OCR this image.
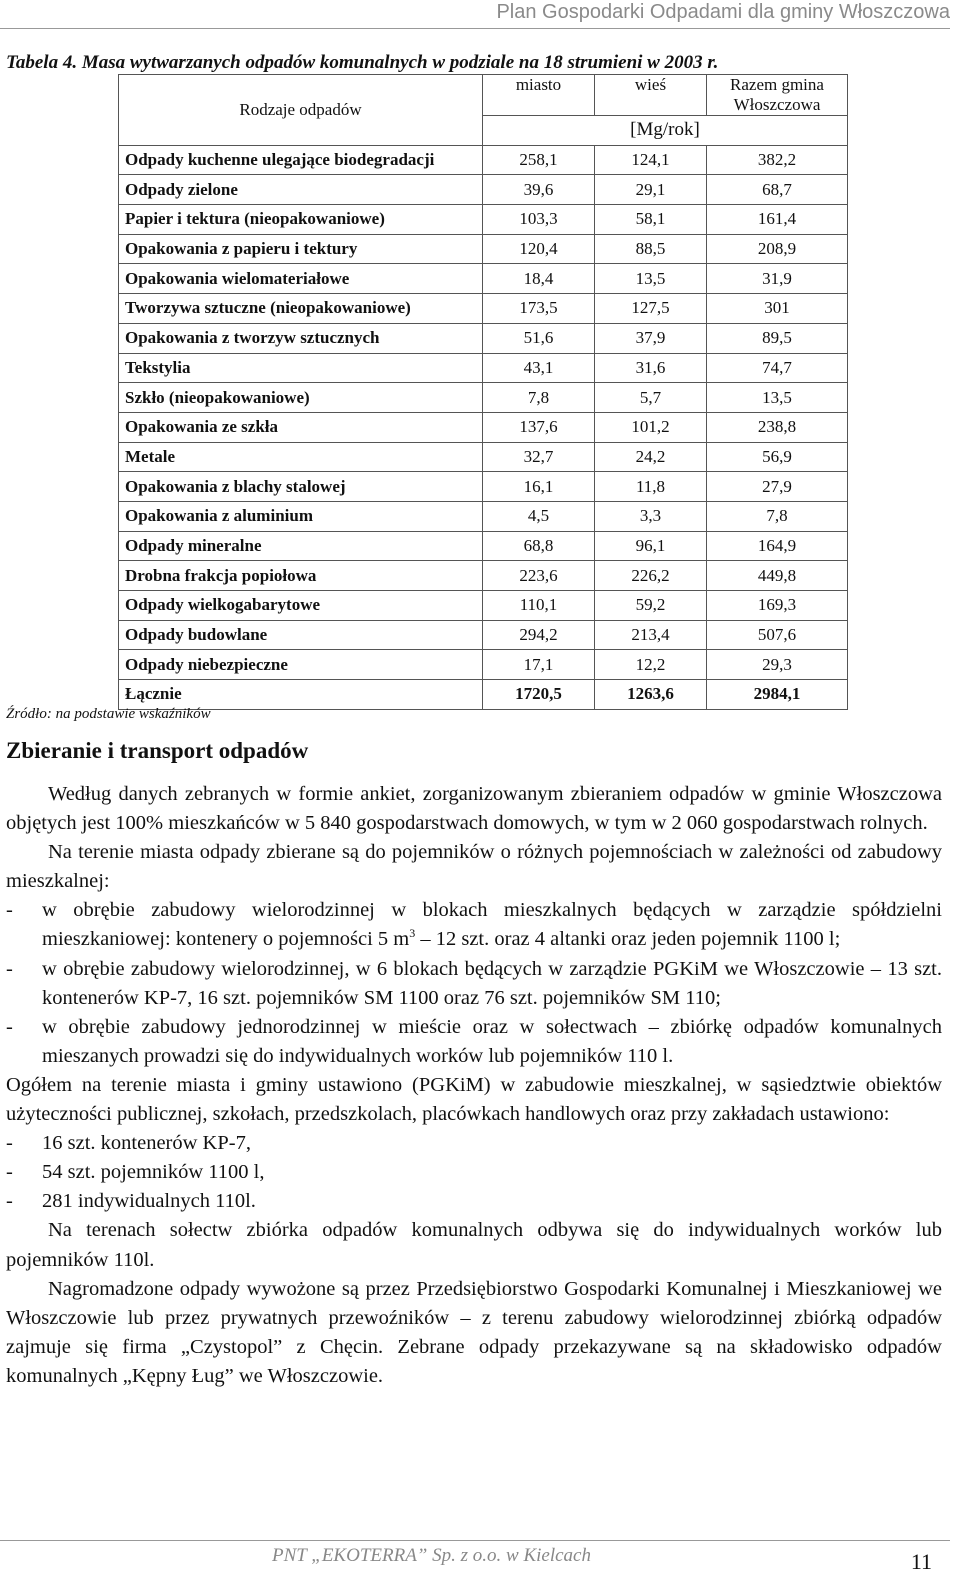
Plan Gospodarki Odpadami dla gminy Włoszczowa
Tabela 4. Masa wytwarzanych odpadów komunalnych w podziale na 18 strumieni w 2003 r.
Rodzaje odpadów	miasto	wieś	Razem gmina Włoszczowa
	[Mg/rok]		
Odpady kuchenne ulegające biodegradacji	258,1	124,1	382,2
Odpady zielone	39,6	29,1	68,7
Papier i tektura (nieopakowaniowe)	103,3	58,1	161,4
Opakowania z papieru i tektury	120,4	88,5	208,9
Opakowania wielomateriałowe	18,4	13,5	31,9
Tworzywa sztuczne (nieopakowaniowe)	173,5	127,5	301
Opakowania z tworzyw sztucznych	51,6	37,9	89,5
Tekstylia	43,1	31,6	74,7
Szkło (nieopakowaniowe)	7,8	5,7	13,5
Opakowania ze szkła	137,6	101,2	238,8
Metale	32,7	24,2	56,9
Opakowania z blachy stalowej	16,1	11,8	27,9
Opakowania z aluminium	4,5	3,3	7,8
Odpady mineralne	68,8	96,1	164,9
Drobna frakcja popiołowa	223,6	226,2	449,8
Odpady wielkogabarytowe	110,1	59,2	169,3
Odpady budowlane	294,2	213,4	507,6
Odpady niebezpieczne	17,1	12,2	29,3
Łącznie	1720,5	1263,6	2984,1
Źródło: na podstawie wskaźników
Zbieranie i transport odpadów

Według danych zebranych w formie ankiet, zorganizowanym zbieraniem odpadów w gminie Włoszczowa objętych jest 100% mieszkańców w 5 840 gospodarstwach domowych, w tym w 2 060 gospodarstwach rolnych.

Na terenie miasta odpady zbierane są do pojemników o różnych pojemnościach w zależności od zabudowy mieszkalnej:

- w obrębie zabudowy wielorodzinnej w blokach mieszkalnych będących w zarządzie spółdzielni mieszkaniowej: kontenery o pojemności 5 $m^3 - 12$ szt. oraz 4 altanki oraz jeden pojemnik 1100 l;
- w obrębie zabudowy wielorodzinnej, w 6 blokach będących w zarządzie PGKiM we Włoszczowie – 13 szt. kontenerów KP-7, 16 szt. pojemników SM 1100 oraz 76 szt. pojemników SM 110;
- w obrębie zabudowy jednorodzinnej w mieście oraz w sołectwach – zbiórkę odpadów komunalnych mieszanych prowadzi się do indywidualnych worków lub pojemników 110 l.

Ogółem na terenie miasta i gminy ustawiono (PGKiM) w zabudowie mieszkalnej, w sąsiedztwie obiektów użyteczności publicznej, szkołach, przedszkolach, placówkach handlowych oraz przy zakładach ustawiono:

- 16 szt. kontenerów KP-7,
- 54 szt. pojemników 1100 l,
- 281 indywidualnych 110l.

Na terenach sołectw zbiórka odpadów komunalnych odbywa się do indywidualnych worków lub pojemników 110l.

Nagromadzone odpady wywożone są przez Przedsiębiorstwo Gospodarki Komunalnej i Mieszkaniowej we Włoszczowie lub przez prywatnych przewoźników – z terenu zabudowy wielorodzinnej zbiórką odpadów zajmuje się firma „Czystopol” z Chęcin. Zebrane odpady przekazywane są na składowisko odpadów komunalnych „Kępny Ług” we Włoszczowie.

PNT „EKOTERRA” Sp. z o.o. w Kielcach	11
